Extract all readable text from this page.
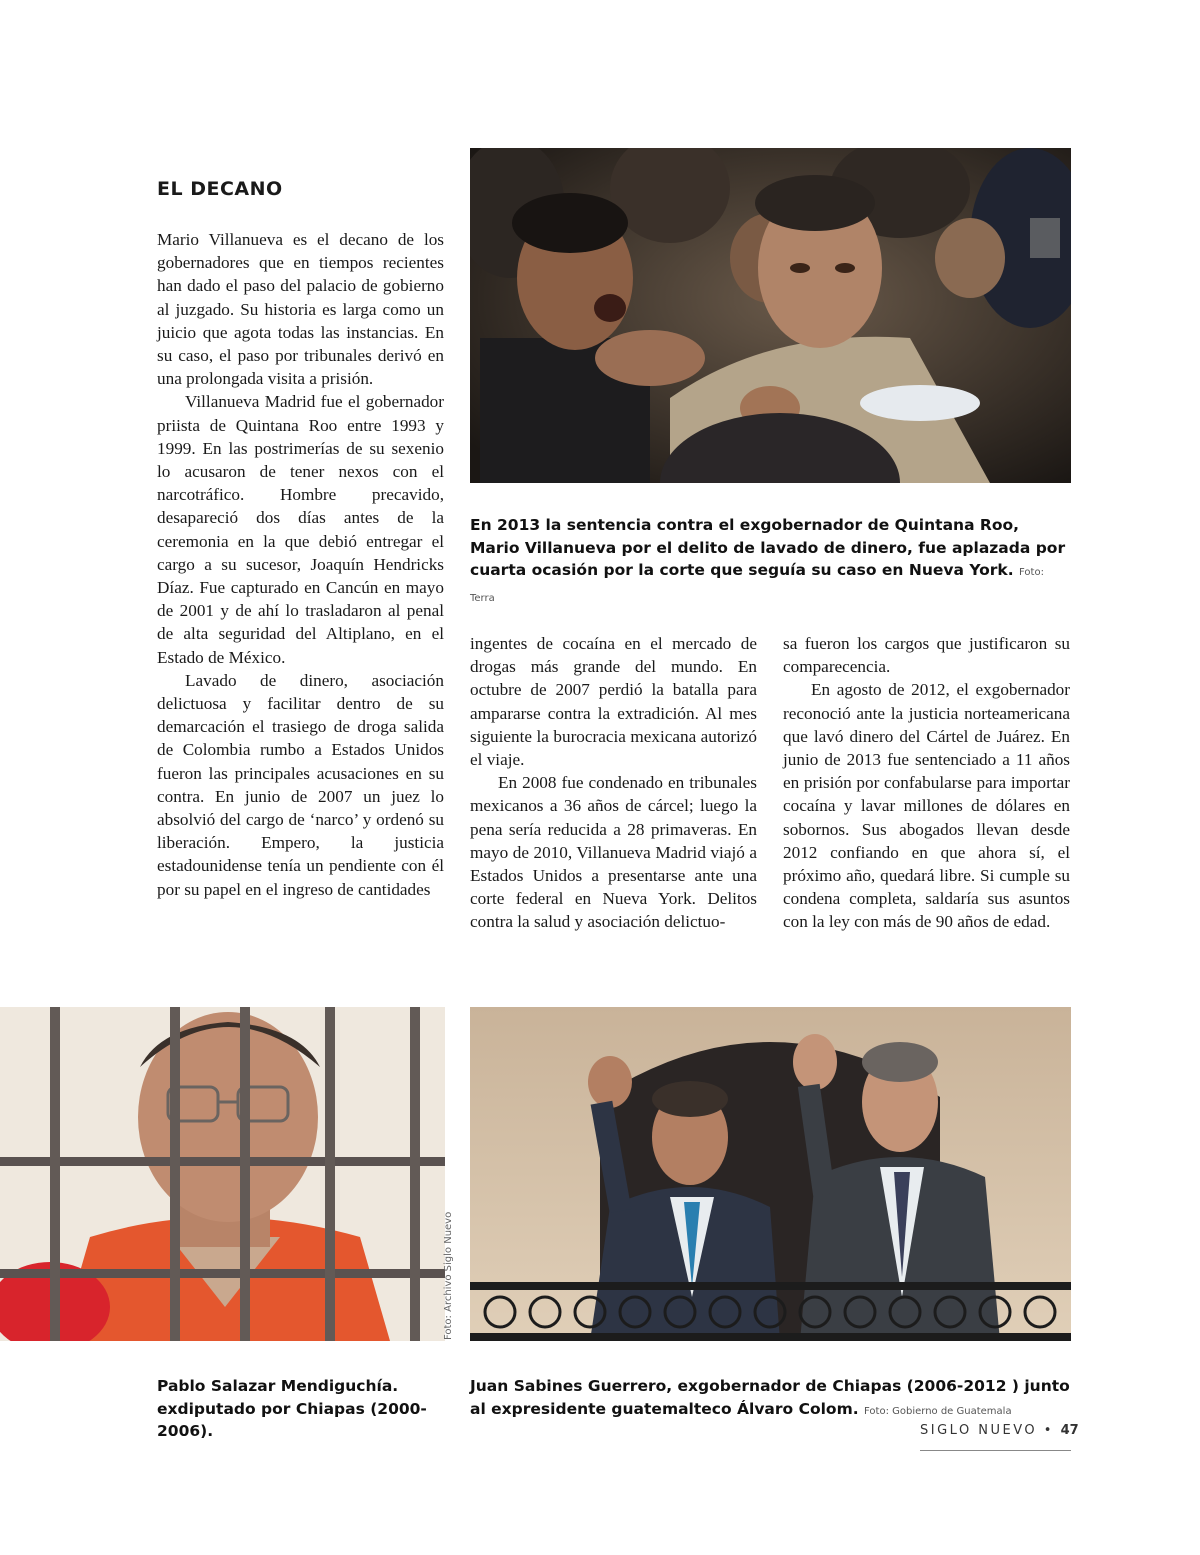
EL DECANO

Mario Villanueva es el decano de los gobernadores que en tiempos recientes han dado el paso del palacio de gobierno al juzgado. Su historia es larga como un juicio que agota todas las instancias. En su caso, el paso por tribunales derivó en una prolongada visita a prisión.

Villanueva Madrid fue el gobernador priista de Quintana Roo entre 1993 y 1999. En las postrimerías de su sexenio lo acusaron de tener nexos con el narcotráfico. Hombre precavido, desapareció dos días antes de la ceremonia en la que debió entregar el cargo a su sucesor, Joaquín Hendricks Díaz. Fue capturado en Cancún en mayo de 2001 y de ahí lo trasladaron al penal de alta seguridad del Altiplano, en el Estado de México.

Lavado de dinero, asociación delictuosa y facilitar dentro de su demarcación el trasiego de droga salida de Colombia rumbo a Estados Unidos fueron las principales acusaciones en su contra. En junio de 2007 un juez lo absolvió del cargo de ‘narco’ y ordenó su liberación. Empero, la justicia estadounidense tenía un pendiente con él por su papel en el ingreso de cantidades

En 2013 la sentencia contra el exgobernador de Quintana Roo, Mario Villanueva por el delito de lavado de dinero, fue aplazada por cuarta ocasión por la corte que seguía su caso en Nueva York. Foto: Terra

ingentes de cocaína en el mercado de drogas más grande del mundo. En octubre de 2007 perdió la batalla para ampararse contra la extradición. Al mes siguiente la burocracia mexicana autorizó el viaje.

En 2008 fue condenado en tribunales mexicanos a 36 años de cárcel; luego la pena sería reducida a 28 primaveras. En mayo de 2010, Villanueva Madrid viajó a Estados Unidos a presentarse ante una corte federal en Nueva York. Delitos contra la salud y asociación delictuo-

sa fueron los cargos que justificaron su comparecencia.

En agosto de 2012, el exgobernador reconoció ante la justicia norteamericana que lavó dinero del Cártel de Juárez. En junio de 2013 fue sentenciado a 11 años en prisión por confabularse para importar cocaína y lavar millones de dólares en sobornos. Sus abogados llevan desde 2012 confiando en que ahora sí, el próximo año, quedará libre. Si cumple su condena completa, saldaría sus asuntos con la ley con más de 90 años de edad.

Foto: Archivo Siglo Nuevo
Pablo Salazar Mendiguchía. exdiputado por Chiapas (2000-2006).
Juan Sabines Guerrero, exgobernador de Chiapas (2006-2012 ) junto al expresidente guatemalteco Álvaro Colom. Foto: Gobierno de Guatemala
SIGLO NUEVO • 47
